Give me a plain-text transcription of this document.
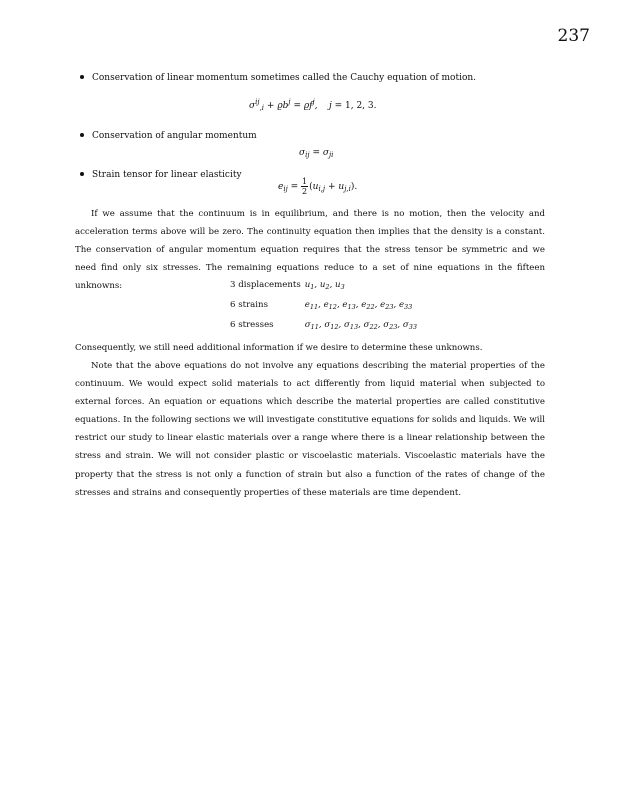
237
Conservation of linear momentum sometimes called the Cauchy equation of motion.
$\sigma^{ij}_{,i} + ϱb^j = ϱf^j$,    j = 1, 2, 3.
Conservation of angular momentum
$\sigma_{ij} = \sigma_{ji}$
Strain tensor for linear elasticity
$e_{ij} = \frac{1}{2} (u_{i,j} + u_{j,i})$.

If we assume that the continuum is in equilibrium, and there is no motion, then the velocity and acceleration terms above will be zero. The continuity equation then implies that the density is a constant. The conservation of angular momentum equation requires that the stress tensor be symmetric and we need find only six stresses. The remaining equations reduce to a set of nine equations in the fifteen unknowns:	3 displacements $u_1$, $u_2$, $u_3$
6 strains	$e_{11}$, $e_{12}$, $e_{13}$, $e_{22}$, $e_{23}$, $e_{33}$
6 stresses	$\sigma_{11}$, $\sigma_{12}$, $\sigma_{13}$, $\sigma_{22}$, $\sigma_{23}$, $\sigma_{33}$

Consequently, we still need additional information if we desire to determine these unknowns.

Note that the above equations do not involve any equations describing the material properties of the continuum. We would expect solid materials to act differently from liquid material when subjected to external forces. An equation or equations which describe the material properties are called constitutive equations. In the following sections we will investigate constitutive equations for solids and liquids. We will restrict our study to linear elastic materials over a range where there is a linear relationship between the stress and strain. We will not consider plastic or viscoelastic materials. Viscoelastic materials have the property that the stress is not only a function of strain but also a function of the rates of change of the stresses and strains and consequently properties of these materials are time dependent.
